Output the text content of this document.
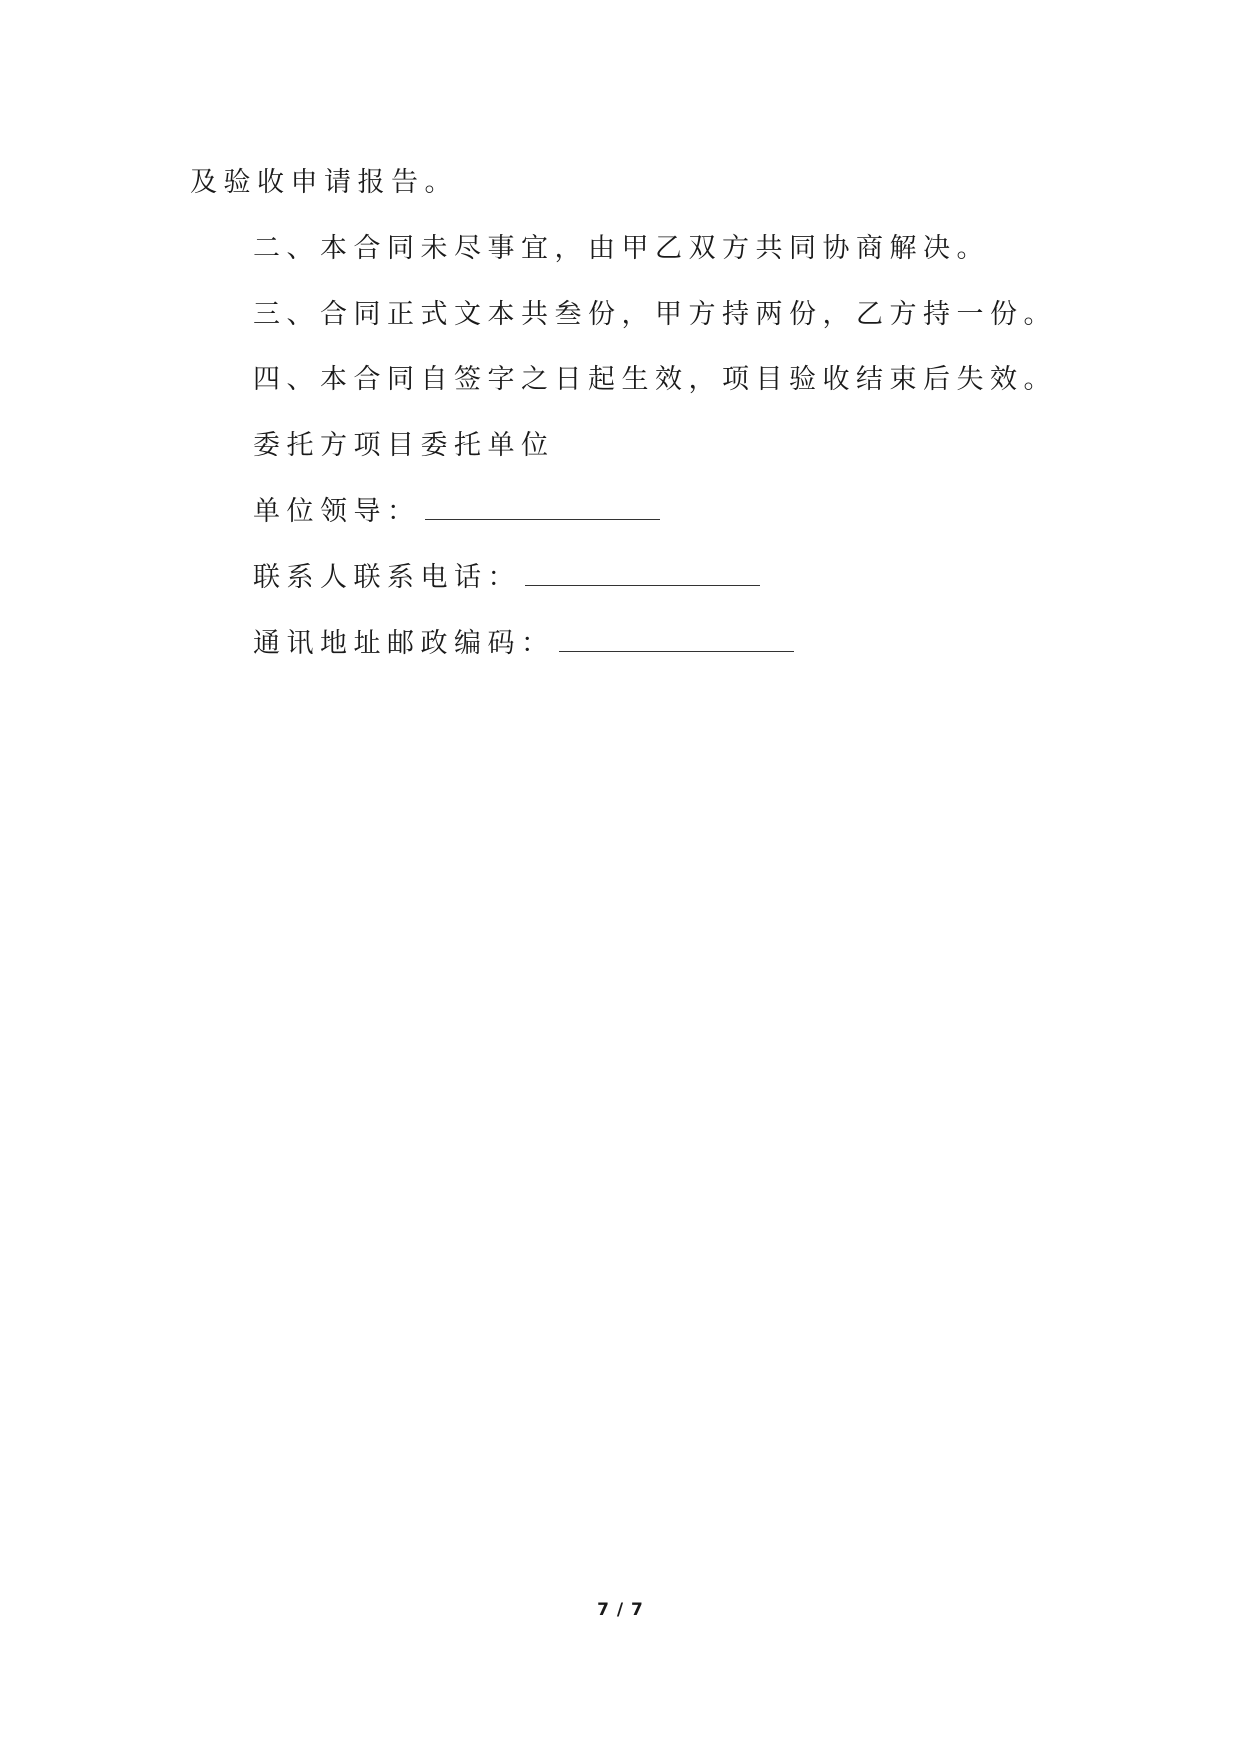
及验收申请报告。
二、本合同未尽事宜，由甲乙双方共同协商解决。
三、合同正式文本共叁份，甲方持两份，乙方持一份。
四、本合同自签字之日起生效，项目验收结束后失效。
委托方项目委托单位
单位领导：
联系人联系电话：
通讯地址邮政编码：
7 / 7
